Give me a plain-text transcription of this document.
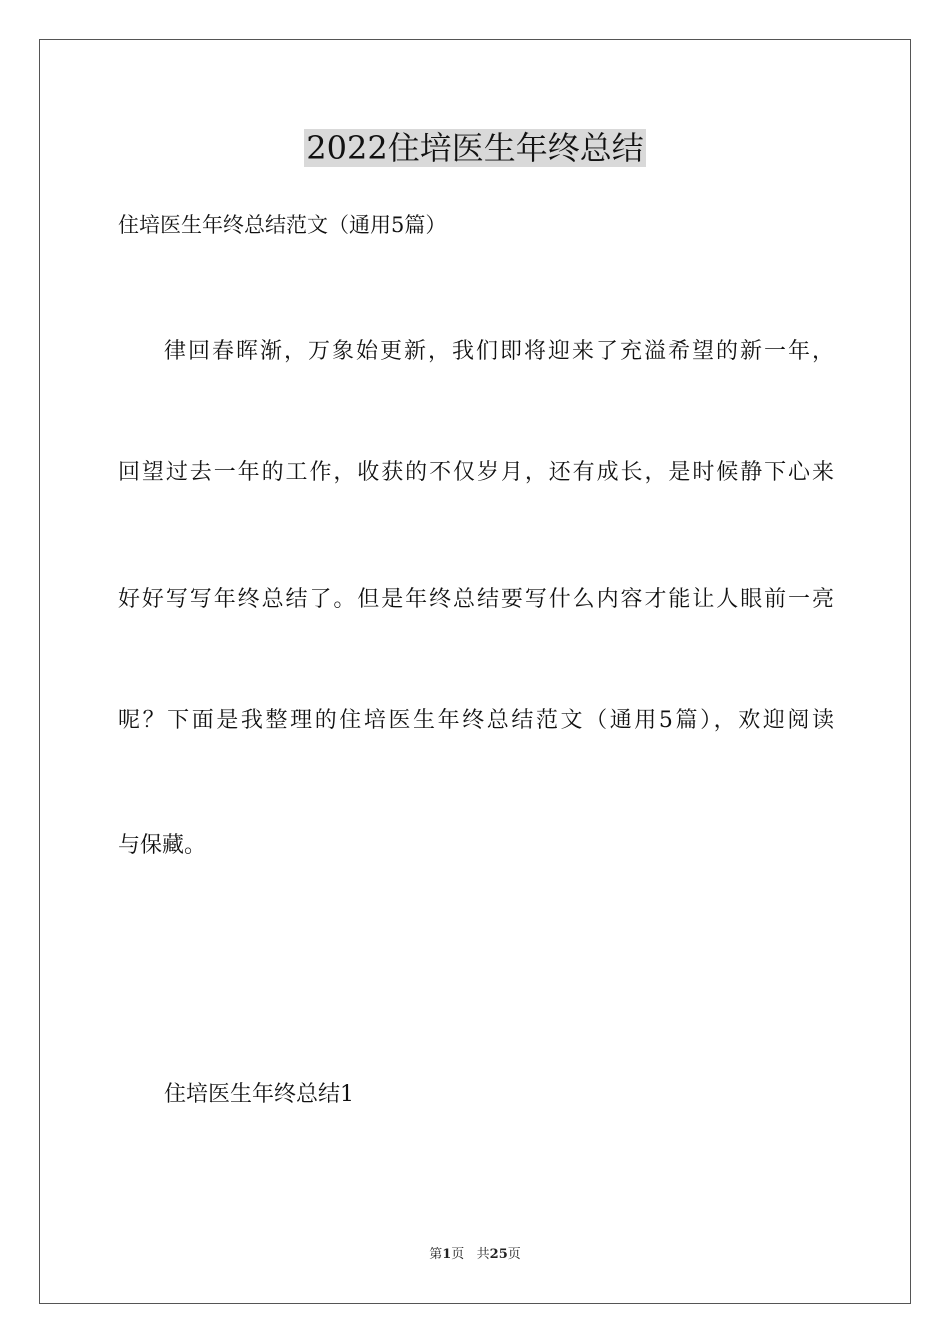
2022住培医生年终总结
住培医生年终总结范文（通用5篇）
律回春晖渐，万象始更新，我们即将迎来了充溢希望的新一年，
回望过去一年的工作，收获的不仅岁月，还有成长，是时候静下心来
好好写写年终总结了。但是年终总结要写什么内容才能让人眼前一亮
呢？下面是我整理的住培医生年终总结范文（通用5篇），欢迎阅读
与保藏。
住培医生年终总结1
第1页   共25页
